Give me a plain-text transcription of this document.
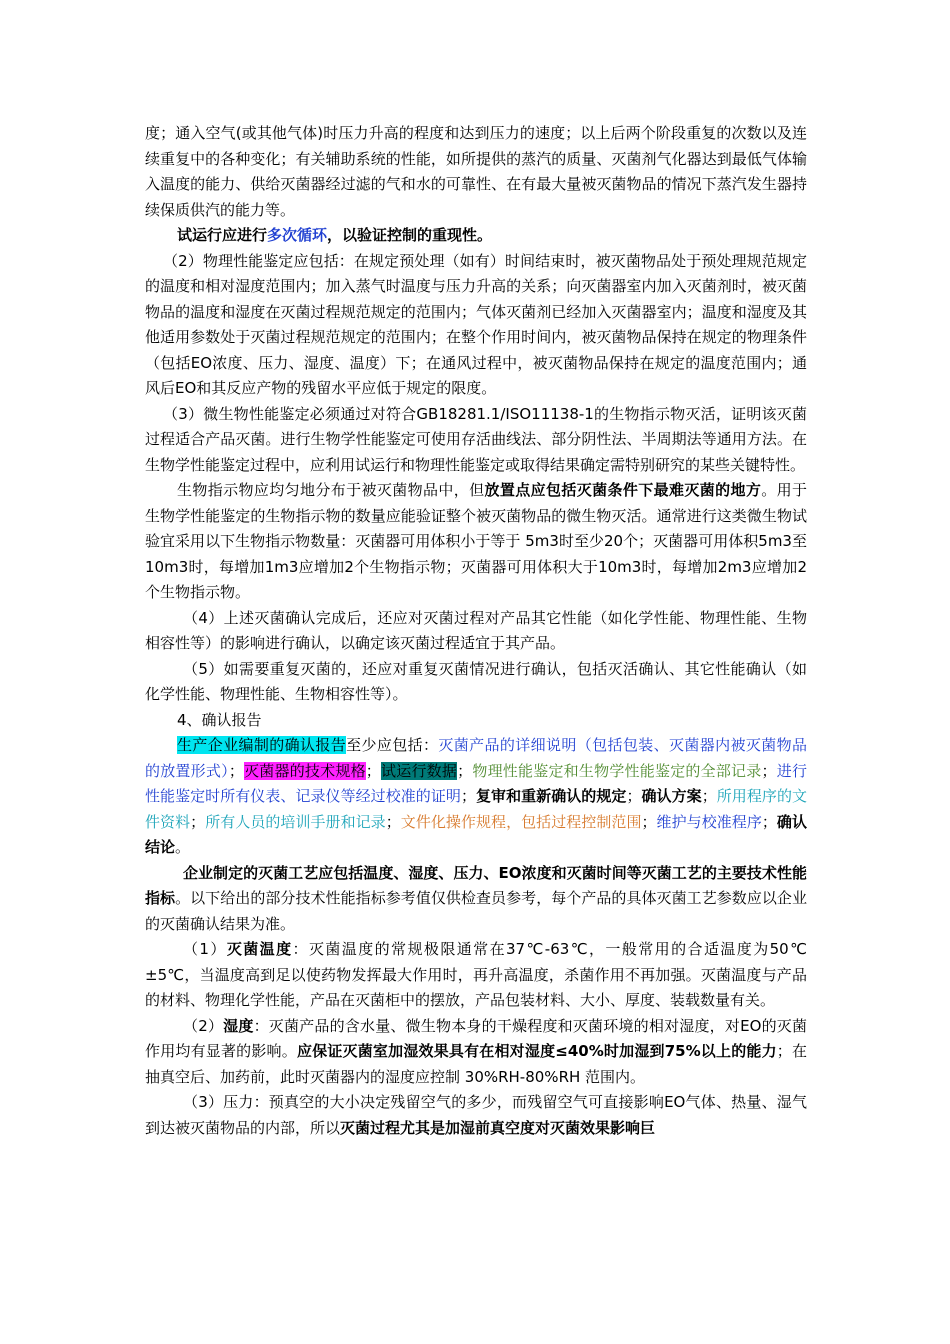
度；通入空气(或其他气体)时压力升高的程度和达到压力的速度；以上后两个阶段重复的次数以及连续重复中的各种变化；有关辅助系统的性能，如所提供的蒸汽的质量、灭菌剂气化器达到最低气体输入温度的能力、供给灭菌器经过滤的气和水的可靠性、在有最大量被灭菌物品的情况下蒸汽发生器持续保质供汽的能力等。

试运行应进行多次循环，以验证控制的重现性。

（2）物理性能鉴定应包括：在规定预处理（如有）时间结束时，被灭菌物品处于预处理规范规定的温度和相对湿度范围内；加入蒸气时温度与压力升高的关系；向灭菌器室内加入灭菌剂时，被灭菌物品的温度和湿度在灭菌过程规范规定的范围内；气体灭菌剂已经加入灭菌器室内；温度和湿度及其他适用参数处于灭菌过程规范规定的范围内；在整个作用时间内，被灭菌物品保持在规定的物理条件（包括EO浓度、压力、湿度、温度）下；在通风过程中，被灭菌物品保持在规定的温度范围内；通风后EO和其反应产物的残留水平应低于规定的限度。

（3）微生物性能鉴定必须通过对符合GB18281.1/ISO11138-1的生物指示物灭活，证明该灭菌过程适合产品灭菌。进行生物学性能鉴定可使用存活曲线法、部分阴性法、半周期法等通用方法。在生物学性能鉴定过程中，应利用试运行和物理性能鉴定或取得结果确定需特别研究的某些关键特性。

生物指示物应均匀地分布于被灭菌物品中，但放置点应包括灭菌条件下最难灭菌的地方。用于生物学性能鉴定的生物指示物的数量应能验证整个被灭菌物品的微生物灭活。通常进行这类微生物试验宜采用以下生物指示物数量：灭菌器可用体积小于等于 5m3时至少20个；灭菌器可用体积5m3至10m3时，每增加1m3应增加2个生物指示物；灭菌器可用体积大于10m3时，每增加2m3应增加2个生物指示物。

（4）上述灭菌确认完成后，还应对灭菌过程对产品其它性能（如化学性能、物理性能、生物相容性等）的影响进行确认，以确定该灭菌过程适宜于其产品。

（5）如需要重复灭菌的，还应对重复灭菌情况进行确认，包括灭活确认、其它性能确认（如化学性能、物理性能、生物相容性等）。

4、确认报告

生产企业编制的确认报告至少应包括：灭菌产品的详细说明（包括包装、灭菌器内被灭菌物品的放置形式）；灭菌器的技术规格；试运行数据；物理性能鉴定和生物学性能鉴定的全部记录；进行性能鉴定时所有仪表、记录仪等经过校准的证明；复审和重新确认的规定；确认方案；所用程序的文件资料；所有人员的培训手册和记录；文件化操作规程，包括过程控制范围；维护与校准程序；确认结论。

企业制定的灭菌工艺应包括温度、湿度、压力、EO浓度和灭菌时间等灭菌工艺的主要技术性能指标。以下给出的部分技术性能指标参考值仅供检查员参考，每个产品的具体灭菌工艺参数应以企业的灭菌确认结果为准。

（1）灭菌温度：灭菌温度的常规极限通常在37℃-63℃，一般常用的合适温度为50℃±5℃，当温度高到足以使药物发挥最大作用时，再升高温度，杀菌作用不再加强。灭菌温度与产品的材料、物理化学性能，产品在灭菌柜中的摆放，产品包装材料、大小、厚度、装载数量有关。

（2）湿度：灭菌产品的含水量、微生物本身的干燥程度和灭菌环境的相对湿度，对EO的灭菌作用均有显著的影响。应保证灭菌室加湿效果具有在相对湿度≤40%时加湿到75%以上的能力；在抽真空后、加药前，此时灭菌器内的湿度应控制 30%RH-80%RH 范围内。

（3）压力：预真空的大小决定残留空气的多少，而残留空气可直接影响EO气体、热量、湿气到达被灭菌物品的内部，所以灭菌过程尤其是加湿前真空度对灭菌效果影响巨
